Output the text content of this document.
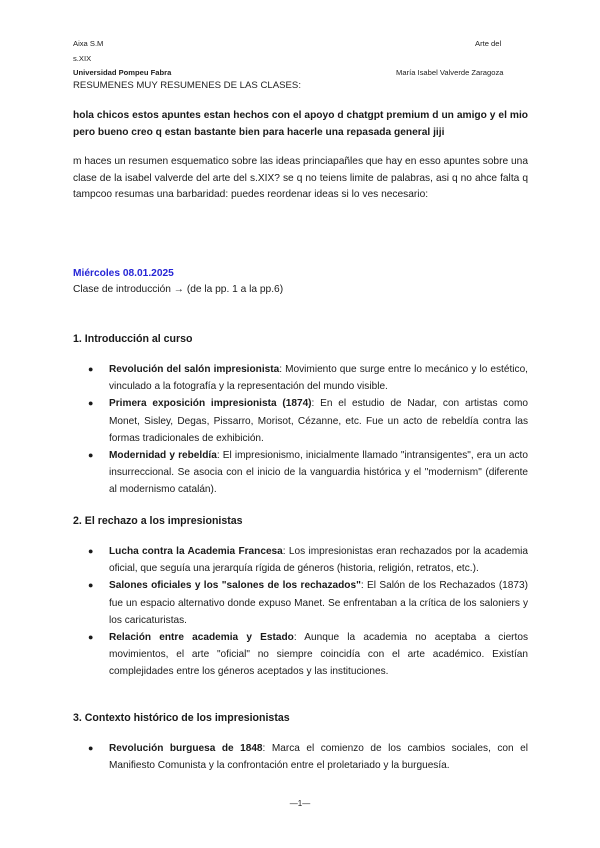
Aixa S.M	Arte del
s.XIX
Universidad Pompeu Fabra	María Isabel Valverde Zaragoza
RESUMENES MUY RESUMENES DE LAS CLASES:
hola chicos estos apuntes estan hechos con el apoyo d chatgpt premium d un amigo y el mio pero bueno creo q estan bastante bien para hacerle una repasada general jiji
m haces un resumen esquematico sobre las ideas princiapañles que hay en esso apuntes sobre una clase de la isabel valverde del arte del s.XIX? se q no teiens limite de palabras, asi q no ahce falta q tampcoo resumas una barbaridad: puedes reordenar ideas si lo ves necesario:
Miércoles 08.01.2025
Clase de introducción → (de la pp. 1 a la pp.6)
1. Introducción al curso
● Revolución del salón impresionista: Movimiento que surge entre lo mecánico y lo estético, vinculado a la fotografía y la representación del mundo visible.
● Primera exposición impresionista (1874): En el estudio de Nadar, con artistas como Monet, Sisley, Degas, Pissarro, Morisot, Cézanne, etc. Fue un acto de rebeldía contra las formas tradicionales de exhibición.
● Modernidad y rebeldía: El impresionismo, inicialmente llamado "intransigentes", era un acto insurreccional. Se asocia con el inicio de la vanguardia histórica y el "modernism" (diferente al modernismo catalán).
2. El rechazo a los impresionistas
● Lucha contra la Academia Francesa: Los impresionistas eran rechazados por la academia oficial, que seguía una jerarquía rígida de géneros (historia, religión, retratos, etc.).
● Salones oficiales y los "salones de los rechazados": El Salón de los Rechazados (1873) fue un espacio alternativo donde expuso Manet. Se enfrentaban a la crítica de los saloniers y los caricaturistas.
● Relación entre academia y Estado: Aunque la academia no aceptaba a ciertos movimientos, el arte "oficial" no siempre coincidía con el arte académico. Existían complejidades entre los géneros aceptados y las instituciones.
3. Contexto histórico de los impresionistas
● Revolución burguesa de 1848: Marca el comienzo de los cambios sociales, con el Manifiesto Comunista y la confrontación entre el proletariado y la burguesía.
—1—
